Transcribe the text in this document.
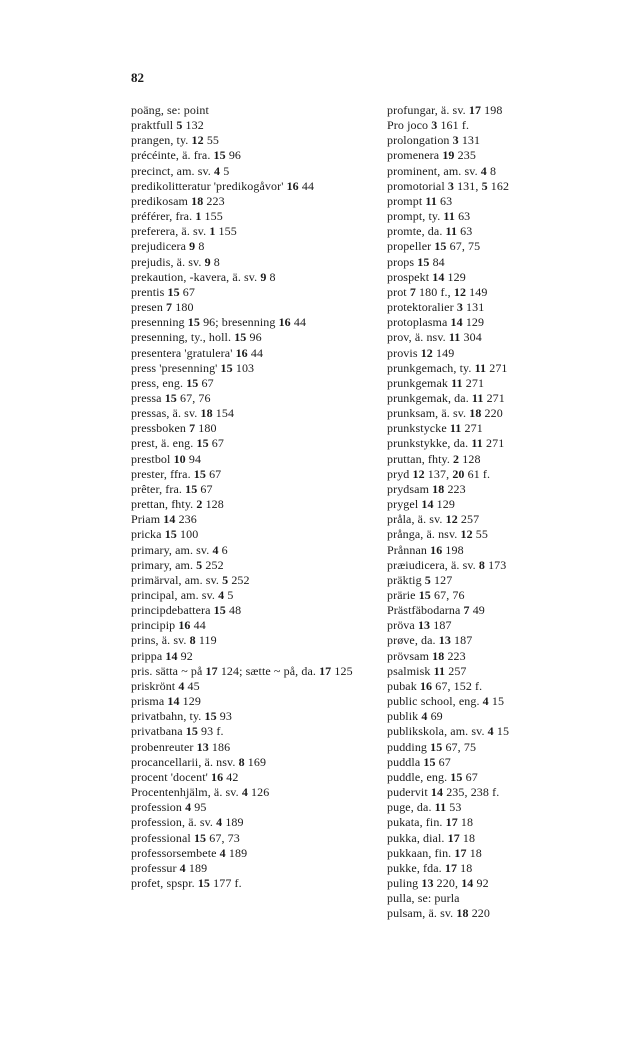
82

poäng, se: point

praktfull 5 132

prangen, ty. 12 55

précéinte, ä. fra. 15 96

precinct, am. sv. 4 5

predikolitteratur 'predikogåvor' 16 44

predikosam 18 223

préférer, fra. 1 155

preferera, ä. sv. 1 155

prejudicera 9 8

prejudis, ä. sv. 9 8

prekaution, -kavera, ä. sv. 9 8

prentis 15 67

presen 7 180

presenning 15 96; bresenning 16 44

presenning, ty., holl. 15 96

presentera 'gratulera' 16 44

press 'presenning' 15 103

press, eng. 15 67

pressa 15 67, 76

pressas, ä. sv. 18 154

pressboken 7 180

prest, ä. eng. 15 67

prestbol 10 94

prester, ffra. 15 67

prêter, fra. 15 67

prettan, fhty. 2 128

Priam 14 236

pricka 15 100

primary, am. sv. 4 6

primary, am. 5 252

primärval, am. sv. 5 252

principal, am. sv. 4 5

principdebattera 15 48

principip 16 44

prins, ä. sv. 8 119

prippa 14 92

pris. sätta ~ på 17 124; sætte ~ på, da. 17 125

priskrönt 4 45

prisma 14 129

privatbahn, ty. 15 93

privatbana 15 93 f.

probenreuter 13 186

procancellarii, ä. nsv. 8 169

procent 'docent' 16 42

Procentenhjälm, ä. sv. 4 126

profession 4 95

profession, ä. sv. 4 189

professional 15 67, 73

professorsembete 4 189

professur 4 189

profet, spspr. 15 177 f.

profungar, ä. sv. 17 198

Pro joco 3 161 f.

prolongation 3 131

promenera 19 235

prominent, am. sv. 4 8

promotorial 3 131, 5 162

prompt 11 63

prompt, ty. 11 63

promte, da. 11 63

propeller 15 67, 75

props 15 84

prospekt 14 129

prot 7 180 f., 12 149

protektoralier 3 131

protoplasma 14 129

prov, ä. nsv. 11 304

provis 12 149

prunkgemach, ty. 11 271

prunkgemak 11 271

prunkgemak, da. 11 271

prunksam, ä. sv. 18 220

prunkstycke 11 271

prunkstykke, da. 11 271

pruttan, fhty. 2 128

pryd 12 137, 20 61 f.

prydsam 18 223

prygel 14 129

pråla, ä. sv. 12 257

prånga, ä. nsv. 12 55

Prånnan 16 198

præiudicera, ä. sv. 8 173

präktig 5 127

prärie 15 67, 76

Prästfäbodarna 7 49

pröva 13 187

prøve, da. 13 187

prövsam 18 223

psalmisk 11 257

pubak 16 67, 152 f.

public school, eng. 4 15

publik 4 69

publikskola, am. sv. 4 15

pudding 15 67, 75

puddla 15 67

puddle, eng. 15 67

pudervit 14 235, 238 f.

puge, da. 11 53

pukata, fin. 17 18

pukka, dial. 17 18

pukkaan, fin. 17 18

pukke, fda. 17 18

puling 13 220, 14 92

pulla, se: purla

pulsam, ä. sv. 18 220
